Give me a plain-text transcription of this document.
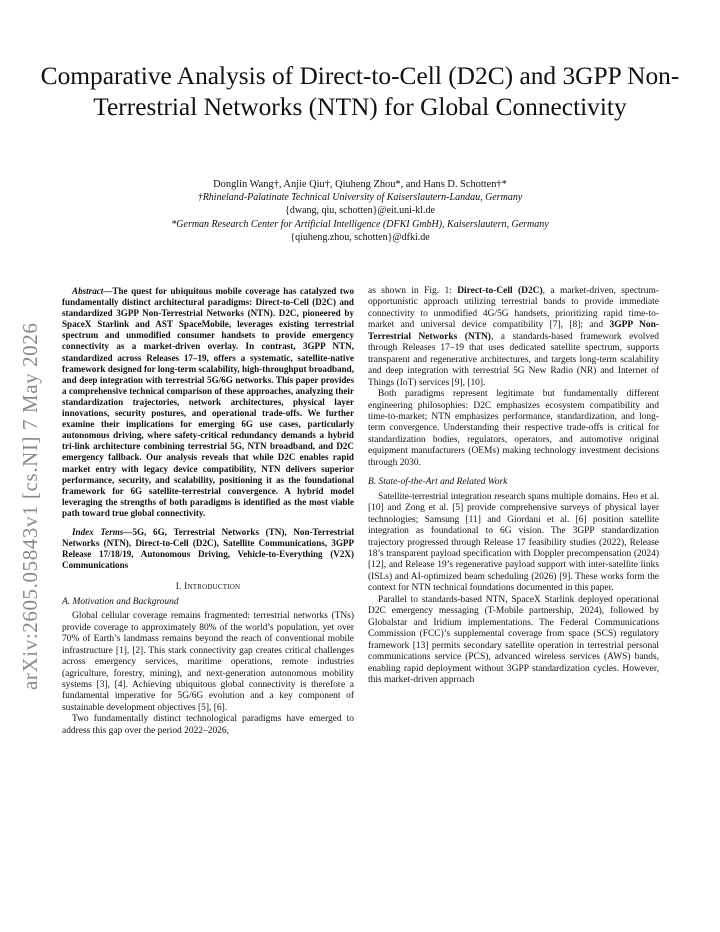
arXiv:2605.05843v1 [cs.NI] 7 May 2026
Comparative Analysis of Direct-to-Cell (D2C) and 3GPP Non-Terrestrial Networks (NTN) for Global Connectivity
Donglin Wang†, Anjie Qiu†, Qiuheng Zhou*, and Hans D. Schotten†*
†Rhineland-Palatinate Technical University of Kaiserslautern-Landau, Germany
{dwang, qiu, schotten}@eit.uni-kl.de
*German Research Center for Artificial Intelligence (DFKI GmbH), Kaiserslautern, Germany
{qiuheng.zhou, schotten}@dfki.de

Abstract—The quest for ubiquitous mobile coverage has catalyzed two fundamentally distinct architectural paradigms: Direct-to-Cell (D2C) and standardized 3GPP Non-Terrestrial Networks (NTN). D2C, pioneered by SpaceX Starlink and AST SpaceMobile, leverages existing terrestrial spectrum and unmodified consumer handsets to provide emergency connectivity as a market-driven overlay. In contrast, 3GPP NTN, standardized across Releases 17–19, offers a systematic, satellite-native framework designed for long-term scalability, high-throughput broadband, and deep integration with terrestrial 5G/6G networks. This paper provides a comprehensive technical comparison of these approaches, analyzing their standardization trajectories, network architectures, physical layer innovations, security postures, and operational trade-offs. We further examine their implications for emerging 6G use cases, particularly autonomous driving, where safety-critical redundancy demands a hybrid tri-link architecture combining terrestrial 5G, NTN broadband, and D2C emergency fallback. Our analysis reveals that while D2C enables rapid market entry with legacy device compatibility, NTN delivers superior performance, security, and scalability, positioning it as the foundational framework for 6G satellite-terrestrial convergence. A hybrid model leveraging the strengths of both paradigms is identified as the most viable path toward true global connectivity.

Index Terms—5G, 6G, Terrestrial Networks (TN), Non-Terrestrial Networks (NTN), Direct-to-Cell (D2C), Satellite Communications, 3GPP Release 17/18/19, Autonomous Driving, Vehicle-to-Everything (V2X) Communications

I. Introduction
A. Motivation and Background

Global cellular coverage remains fragmented: terrestrial networks (TNs) provide coverage to approximately 80% of the world’s population, yet over 70% of Earth’s landmass remains beyond the reach of conventional mobile infrastructure [1], [2]. This stark connectivity gap creates critical challenges across emergency services, maritime operations, remote industries (agriculture, forestry, mining), and next-generation autonomous mobility systems [3], [4]. Achieving ubiquitous global connectivity is therefore a fundamental imperative for 5G/6G evolution and a key component of sustainable development objectives [5], [6].

Two fundamentally distinct technological paradigms have emerged to address this gap over the period 2022–2026,

as shown in Fig. 1: Direct-to-Cell (D2C), a market-driven, spectrum-opportunistic approach utilizing terrestrial bands to provide immediate connectivity to unmodified 4G/5G handsets, prioritizing rapid time-to-market and universal device compatibility [7], [8]; and 3GPP Non-Terrestrial Networks (NTN), a standards-based framework evolved through Releases 17–19 that uses dedicated satellite spectrum, supports transparent and regenerative architectures, and targets long-term scalability and deep integration with terrestrial 5G New Radio (NR) and Internet of Things (IoT) services [9], [10].

Both paradigms represent legitimate but fundamentally different engineering philosophies: D2C emphasizes ecosystem compatibility and time-to-market; NTN emphasizes performance, standardization, and long-term convergence. Understanding their respective trade-offs is critical for standardization bodies, regulators, operators, and automotive original equipment manufacturers (OEMs) making technology investment decisions through 2030.

B. State-of-the-Art and Related Work

Satellite-terrestrial integration research spans multiple domains. Heo et al. [10] and Zong et al. [5] provide comprehensive surveys of physical layer technologies; Samsung [11] and Giordani et al. [6] position satellite integration as foundational to 6G vision. The 3GPP standardization trajectory progressed through Release 17 feasibility studies (2022), Release 18’s transparent payload specification with Doppler precompensation (2024) [12], and Release 19’s regenerative payload support with inter-satellite links (ISLs) and AI-optimized beam scheduling (2026) [9]. These works form the context for NTN technical foundations documented in this paper.

Parallel to standards-based NTN, SpaceX Starlink deployed operational D2C emergency messaging (T-Mobile partnership, 2024), followed by Globalstar and Iridium implementations. The Federal Communications Commission (FCC)’s supplemental coverage from space (SCS) regulatory framework [13] permits secondary satellite operation in terrestrial personal communications service (PCS), advanced wireless services (AWS) bands, enabling rapid deployment without 3GPP standardization cycles. However, this market-driven approach
